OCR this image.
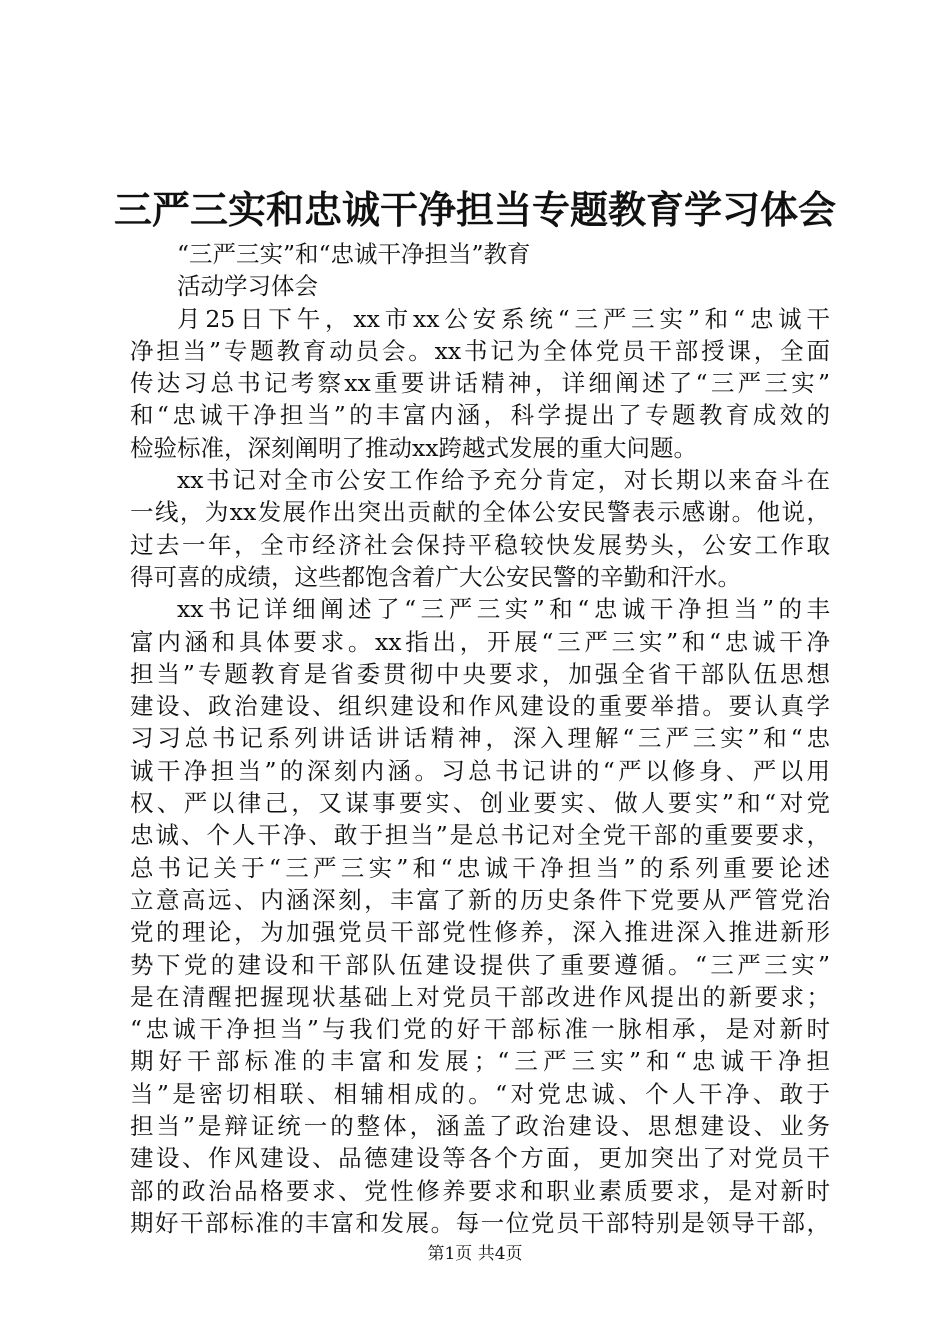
三严三实和忠诚干净担当专题教育学习体会
“三严三实”和“忠诚干净担当”教育
活动学习体会
月25日下午，xx市xx公安系统“三严三实”和“忠诚干
净担当”专题教育动员会。xx书记为全体党员干部授课，全面
传达习总书记考察xx重要讲话精神，详细阐述了“三严三实”
和“忠诚干净担当”的丰富内涵，科学提出了专题教育成效的
检验标准，深刻阐明了推动xx跨越式发展的重大问题。
xx书记对全市公安工作给予充分肯定，对长期以来奋斗在
一线，为xx发展作出突出贡献的全体公安民警表示感谢。他说，
过去一年，全市经济社会保持平稳较快发展势头，公安工作取
得可喜的成绩，这些都饱含着广大公安民警的辛勤和汗水。
xx书记详细阐述了“三严三实”和“忠诚干净担当”的丰
富内涵和具体要求。xx指出，开展“三严三实”和“忠诚干净
担当”专题教育是省委贯彻中央要求，加强全省干部队伍思想
建设、政治建设、组织建设和作风建设的重要举措。要认真学
习习总书记系列讲话讲话精神，深入理解“三严三实”和“忠
诚干净担当”的深刻内涵。习总书记讲的“严以修身、严以用
权、严以律己，又谋事要实、创业要实、做人要实”和“对党
忠诚、个人干净、敢于担当”是总书记对全党干部的重要要求，
总书记关于“三严三实”和“忠诚干净担当”的系列重要论述
立意高远、内涵深刻，丰富了新的历史条件下党要从严管党治
党的理论，为加强党员干部党性修养，深入推进深入推进新形
势下党的建设和干部队伍建设提供了重要遵循。“三严三实”
是在清醒把握现状基础上对党员干部改进作风提出的新要求；
“忠诚干净担当”与我们党的好干部标准一脉相承，是对新时
期好干部标准的丰富和发展；“三严三实”和“忠诚干净担
当”是密切相联、相辅相成的。“对党忠诚、个人干净、敢于
担当”是辩证统一的整体，涵盖了政治建设、思想建设、业务
建设、作风建设、品德建设等各个方面，更加突出了对党员干
部的政治品格要求、党性修养要求和职业素质要求，是对新时
期好干部标准的丰富和发展。每一位党员干部特别是领导干部，
第1页 共4页
